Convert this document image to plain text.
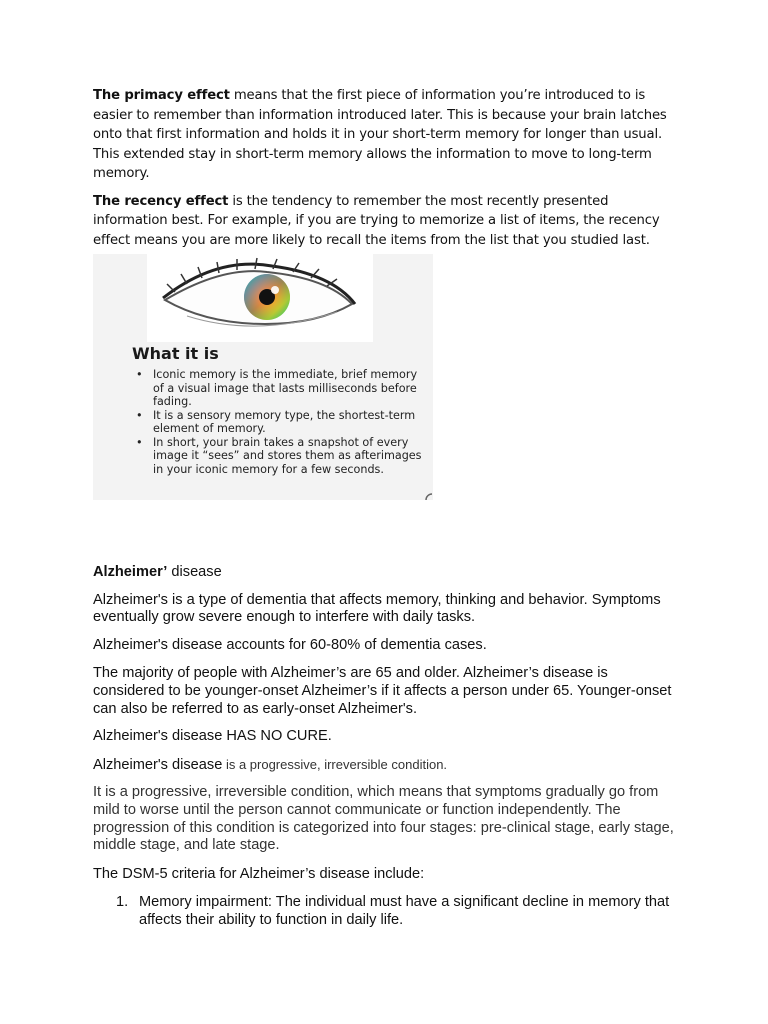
The primacy effect means that the first piece of information you’re introduced to is easier to remember than information introduced later. This is because your brain latches onto that first information and holds it in your short-term memory for longer than usual. This extended stay in short-term memory allows the information to move to long-term memory.

The recency effect is the tendency to remember the most recently presented information best. For example, if you are trying to memorize a list of items, the recency effect means you are more likely to recall the items from the list that you studied last.

What it is
• Iconic memory is the immediate, brief memory of a visual image that lasts milliseconds before fading.
• It is a sensory memory type, the shortest-term element of memory.
• In short, your brain takes a snapshot of every image it “sees” and stores them as afterimages in your iconic memory for a few seconds.

Alzheimer’ disease

Alzheimer's is a type of dementia that affects memory, thinking and behavior. Symptoms eventually grow severe enough to interfere with daily tasks.

Alzheimer's disease accounts for 60-80% of dementia cases.

The majority of people with Alzheimer’s are 65 and older. Alzheimer’s disease is considered to be younger-onset Alzheimer’s if it affects a person under 65. Younger-onset can also be referred to as early-onset Alzheimer's.

Alzheimer's disease HAS NO CURE.

Alzheimer's disease is a progressive, irreversible condition.

It is a progressive, irreversible condition, which means that symptoms gradually go from mild to worse until the person cannot communicate or function independently. The progression of this condition is categorized into four stages: pre-clinical stage, early stage, middle stage, and late stage.

The DSM-5 criteria for Alzheimer’s disease include:

1. Memory impairment: The individual must have a significant decline in memory that affects their ability to function in daily life.
